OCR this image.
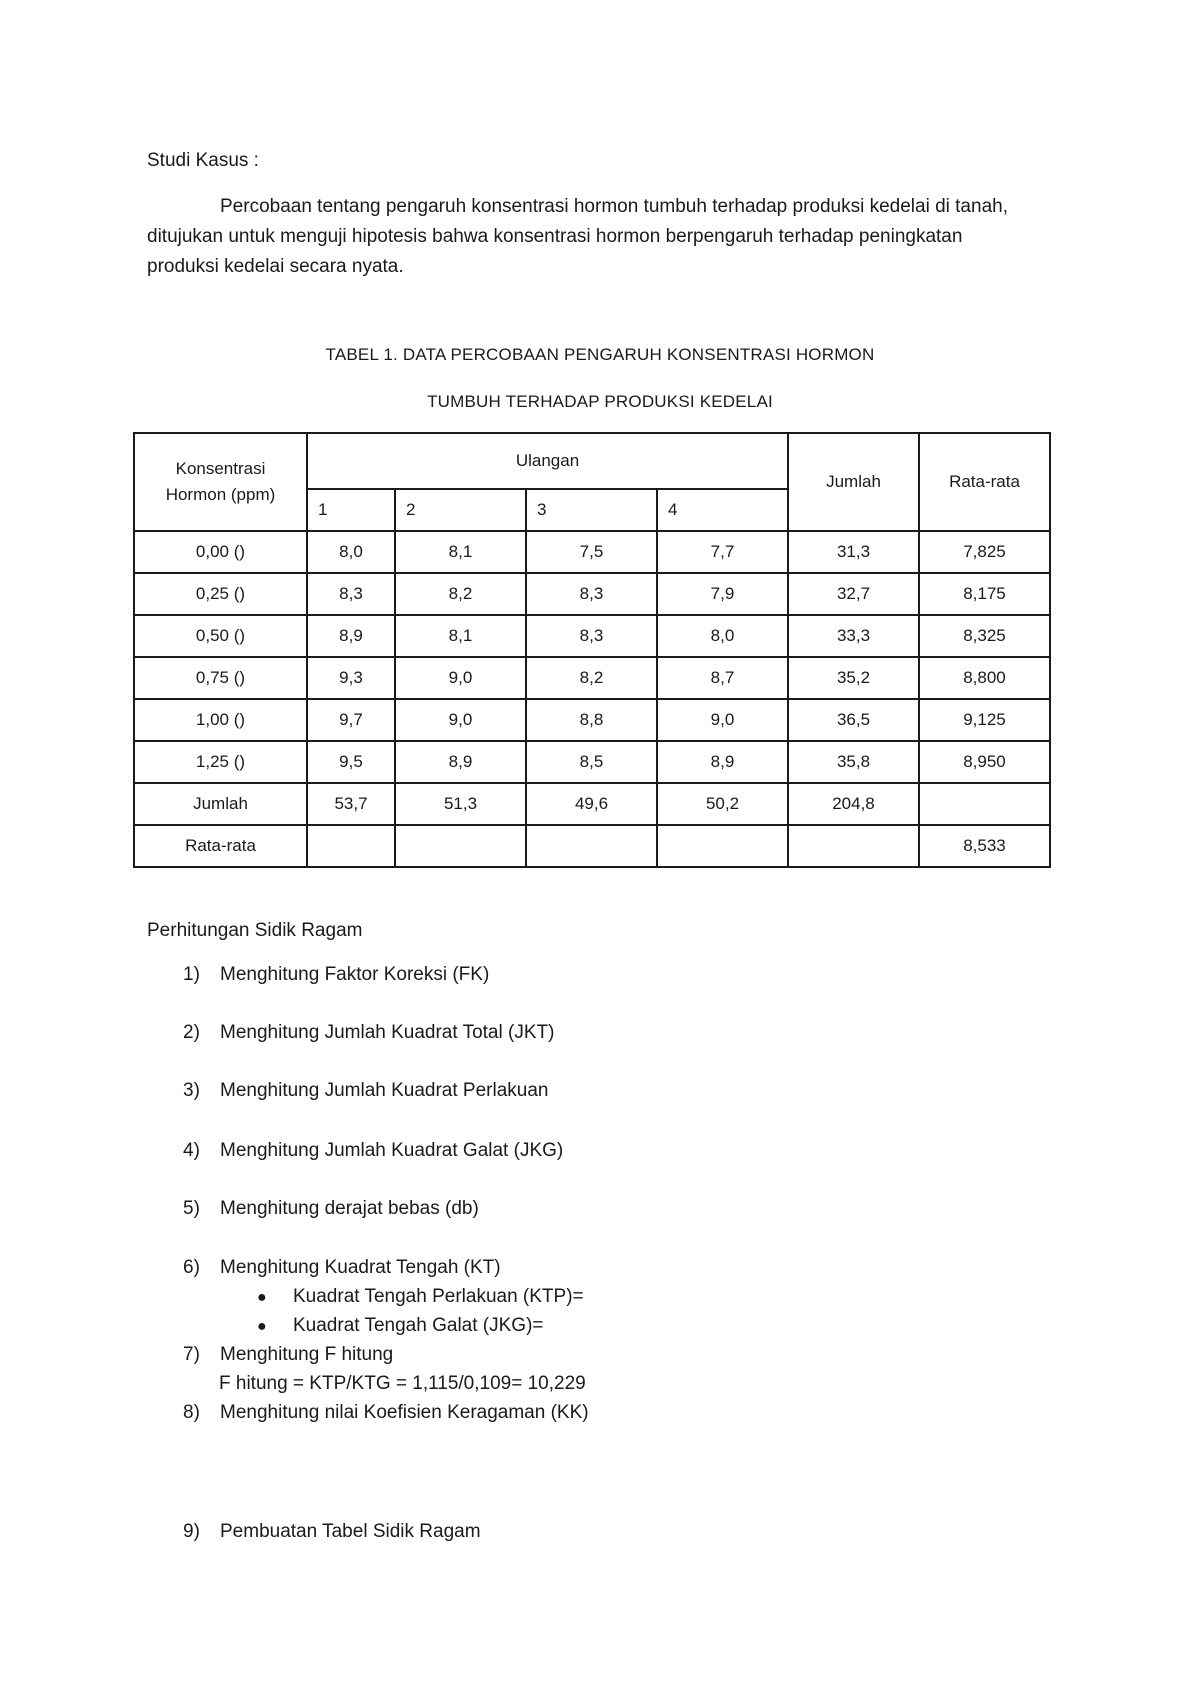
Studi Kasus :
Percobaan tentang pengaruh konsentrasi hormon tumbuh terhadap produksi kedelai di tanah, ditujukan untuk menguji hipotesis bahwa konsentrasi hormon berpengaruh terhadap peningkatan produksi kedelai secara nyata.
TABEL 1. DATA PERCOBAAN PENGARUH KONSENTRASI HORMON
TUMBUH TERHADAP PRODUKSI KEDELAI
Konsentrasi
Hormon (ppm)	Ulangan				Jumlah	Rata-rata
	1	2	3	4		
0,00 ()	8,0	8,1	7,5	7,7	31,3	7,825
0,25 ()	8,3	8,2	8,3	7,9	32,7	8,175
0,50 ()	8,9	8,1	8,3	8,0	33,3	8,325
0,75 ()	9,3	9,0	8,2	8,7	35,2	8,800
1,00 ()	9,7	9,0	8,8	9,0	36,5	9,125
1,25 ()	9,5	8,9	8,5	8,9	35,8	8,950
Jumlah	53,7	51,3	49,6	50,2	204,8	
Rata-rata						8,533
Perhitungan Sidik Ragam
1) Menghitung Faktor Koreksi (FK)
2) Menghitung Jumlah Kuadrat Total (JKT)
3) Menghitung Jumlah Kuadrat Perlakuan
4) Menghitung Jumlah Kuadrat Galat (JKG)
5) Menghitung derajat bebas (db)
6) Menghitung Kuadrat Tengah (KT)
● Kuadrat Tengah Perlakuan (KTP)=
● Kuadrat Tengah Galat (JKG)=
7) Menghitung F hitung
F hitung = KTP/KTG = 1,115/0,109= 10,229
8) Menghitung nilai Koefisien Keragaman (KK)
9) Pembuatan Tabel Sidik Ragam
